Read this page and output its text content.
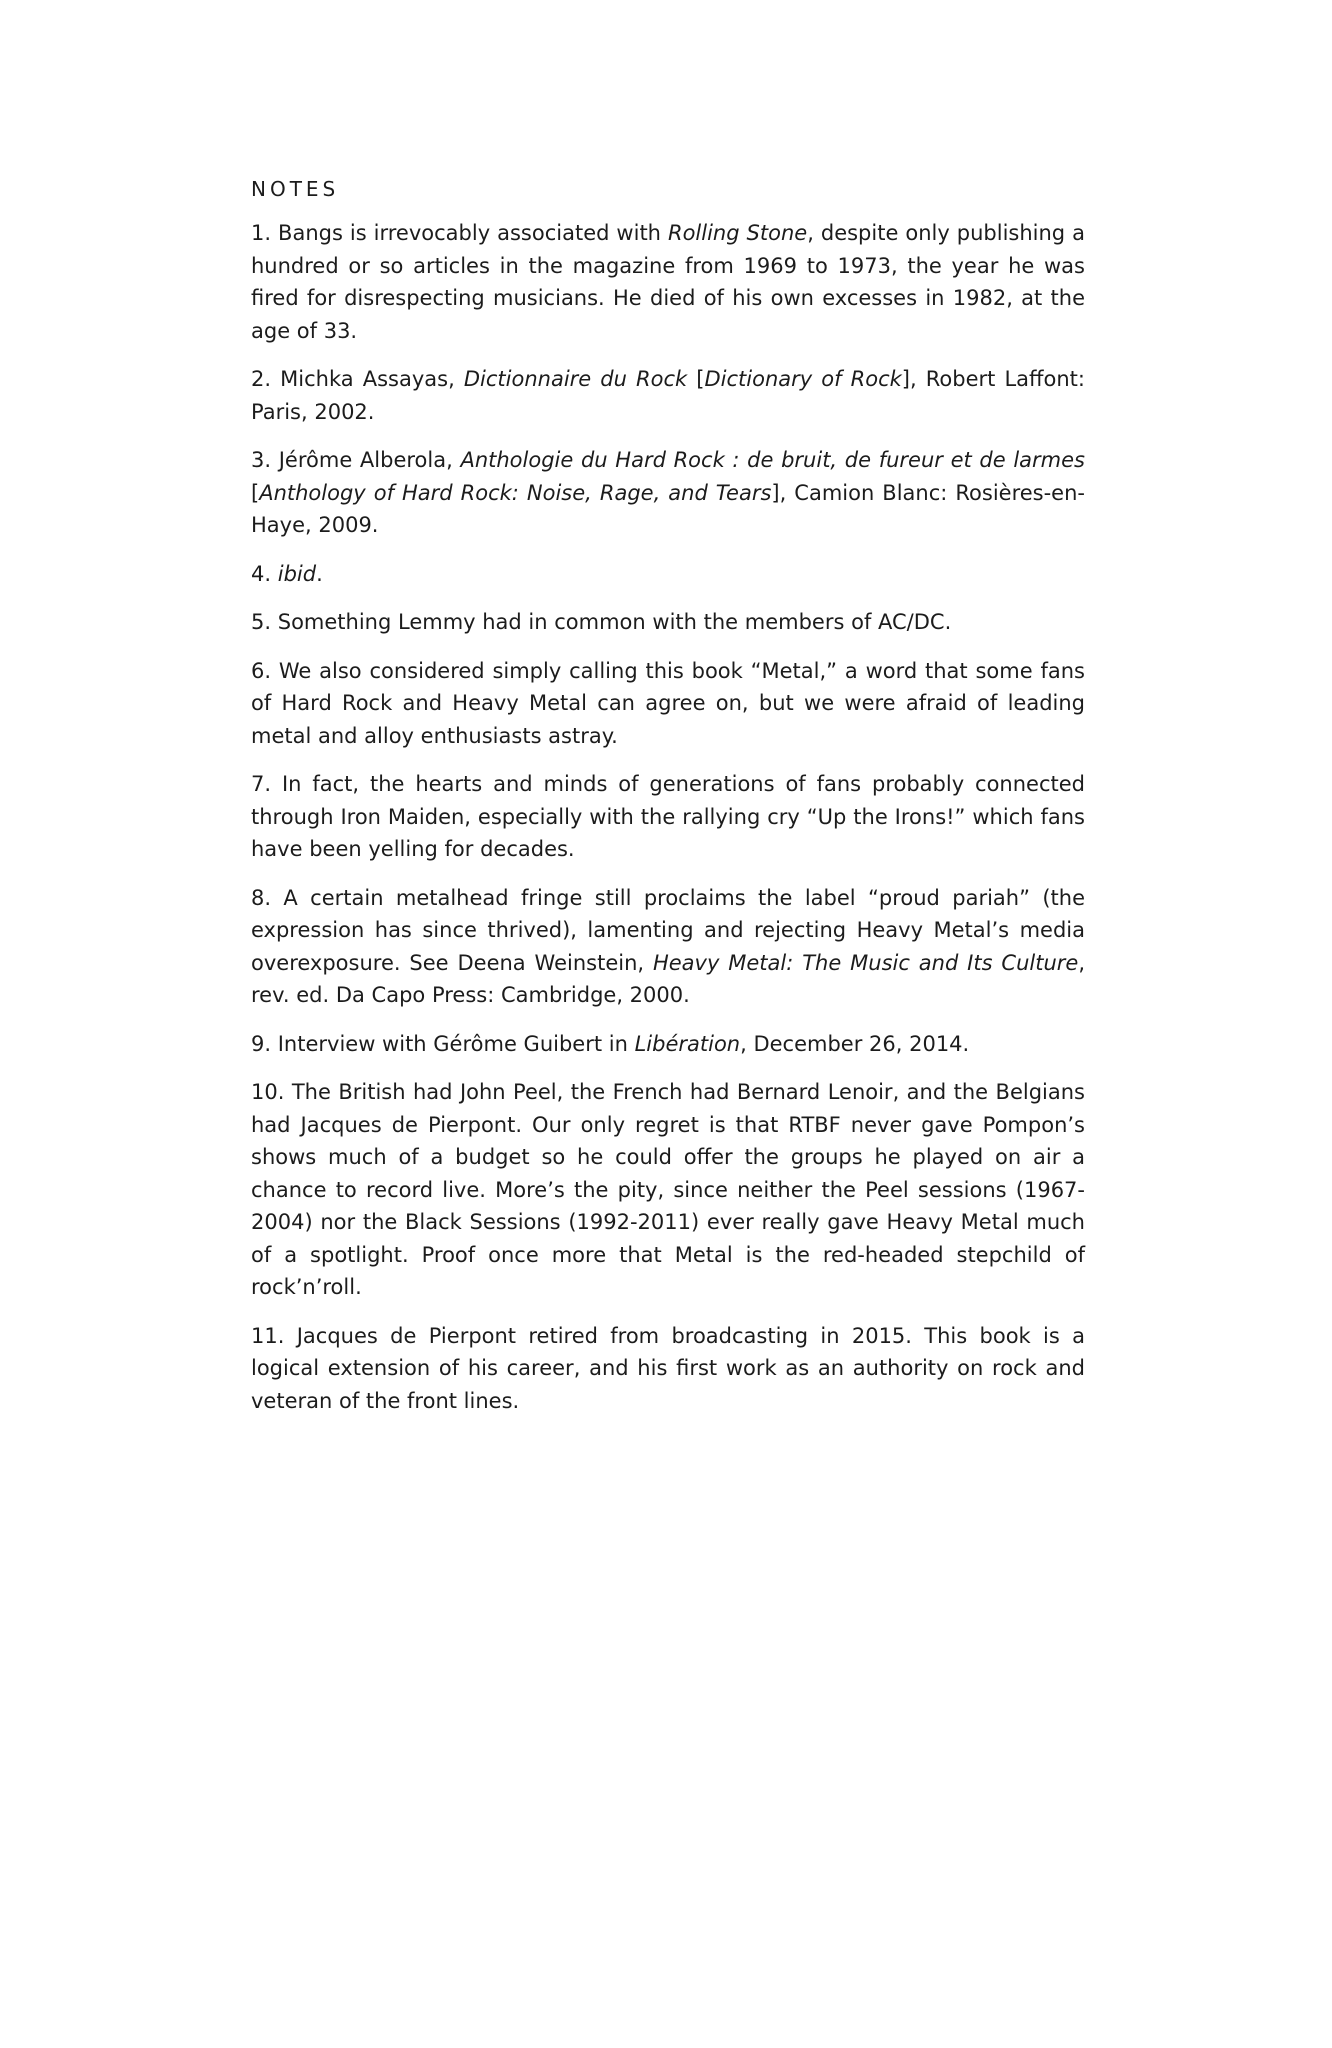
NOTES

1. Bangs is irrevocably associated with Rolling Stone, despite only publishing a hundred or so articles in the magazine from 1969 to 1973, the year he was fired for disrespecting musicians. He died of his own excesses in 1982, at the age of 33.

2. Michka Assayas, Dictionnaire du Rock [Dictionary of Rock], Robert Laffont: Paris, 2002.

3. Jérôme Alberola, Anthologie du Hard Rock : de bruit, de fureur et de larmes [Anthology of Hard Rock: Noise, Rage, and Tears], Camion Blanc: Rosières-en-Haye, 2009.

4. ibid.

5. Something Lemmy had in common with the members of AC/DC.

6. We also considered simply calling this book “Metal,” a word that some fans of Hard Rock and Heavy Metal can agree on, but we were afraid of leading metal and alloy enthusiasts astray.

7. In fact, the hearts and minds of generations of fans probably connected through Iron Maiden, especially with the rallying cry “Up the Irons!” which fans have been yelling for decades.

8. A certain metalhead fringe still proclaims the label “proud pariah” (the expression has since thrived), lamenting and rejecting Heavy Metal’s media overexposure. See Deena Weinstein, Heavy Metal: The Music and Its Culture, rev. ed. Da Capo Press: Cambridge, 2000.

9. Interview with Gérôme Guibert in Libération, December 26, 2014.

10. The British had John Peel, the French had Bernard Lenoir, and the Belgians had Jacques de Pierpont. Our only regret is that RTBF never gave Pompon’s shows much of a budget so he could offer the groups he played on air a chance to record live. More’s the pity, since neither the Peel sessions (1967-2004) nor the Black Sessions (1992-2011) ever really gave Heavy Metal much of a spotlight. Proof once more that Metal is the red-headed stepchild of rock’n’roll.

11. Jacques de Pierpont retired from broadcasting in 2015. This book is a logical extension of his career, and his first work as an authority on rock and veteran of the front lines.
